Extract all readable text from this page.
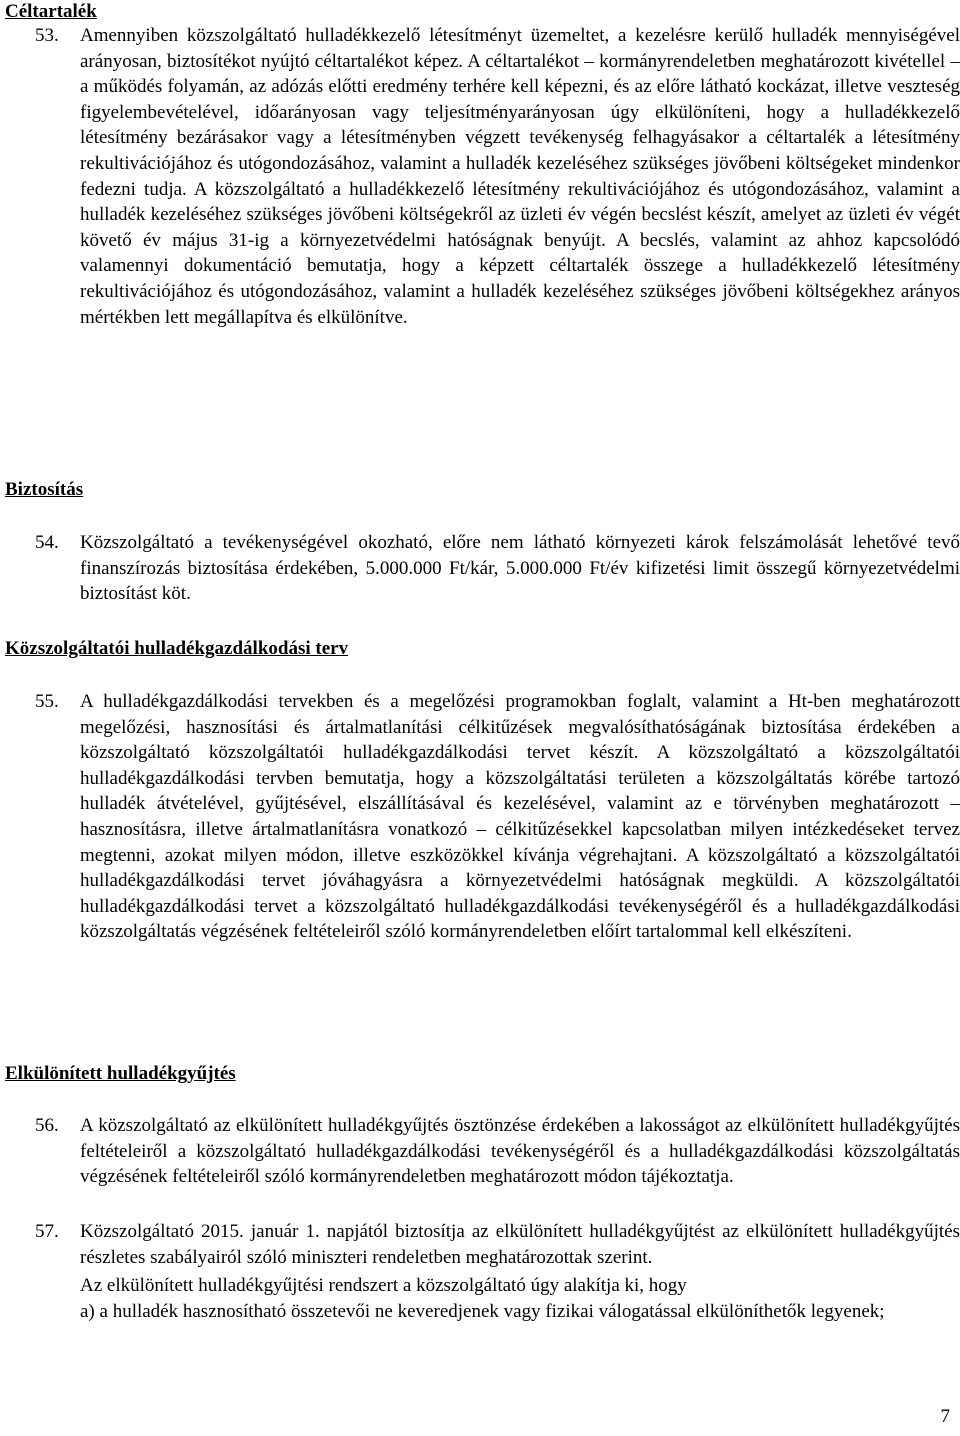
Céltartalék
53. Amennyiben közszolgáltató hulladékkezelő létesítményt üzemeltet, a kezelésre kerülő hulladék mennyiségével arányosan, biztosítékot nyújtó céltartalékot képez. A céltartalékot – kormányrendeletben meghatározott kivétellel – a működés folyamán, az adózás előtti eredmény terhére kell képezni, és az előre látható kockázat, illetve veszteség figyelembevételével, időarányosan vagy teljesítményarányosan úgy elkülöníteni, hogy a hulladékkezelő létesítmény bezárásakor vagy a létesítményben végzett tevékenység felhagyásakor a céltartalék a létesítmény rekultivációjához és utógondozásához, valamint a hulladék kezeléséhez szükséges jövőbeni költségeket mindenkor fedezni tudja. A közszolgáltató a hulladékkezelő létesítmény rekultivációjához és utógondozásához, valamint a hulladék kezeléséhez szükséges jövőbeni költségekről az üzleti év végén becslést készít, amelyet az üzleti év végét követő év május 31-ig a környezetvédelmi hatóságnak benyújt. A becslés, valamint az ahhoz kapcsolódó valamennyi dokumentáció bemutatja, hogy a képzett céltartalék összege a hulladékkezelő létesítmény rekultivációjához és utógondozásához, valamint a hulladék kezeléséhez szükséges jövőbeni költségekhez arányos mértékben lett megállapítva és elkülönítve.

Biztosítás
54. Közszolgáltató a tevékenységével okozható, előre nem látható környezeti károk felszámolását lehetővé tevő finanszírozás biztosítása érdekében, 5.000.000 Ft/kár, 5.000.000 Ft/év kifizetési limit összegű környezetvédelmi biztosítást köt.

Közszolgáltatói hulladékgazdálkodási terv
55. A hulladékgazdálkodási tervekben és a megelőzési programokban foglalt, valamint a Ht-ben meghatározott megelőzési, hasznosítási és ártalmatlanítási célkitűzések megvalósíthatóságának biztosítása érdekében a közszolgáltató közszolgáltatói hulladékgazdálkodási tervet készít. A közszolgáltató a közszolgáltatói hulladékgazdálkodási tervben bemutatja, hogy a közszolgáltatási területen a közszolgáltatás körébe tartozó hulladék átvételével, gyűjtésével, elszállításával és kezelésével, valamint az e törvényben meghatározott – hasznosításra, illetve ártalmatlanításra vonatkozó – célkitűzésekkel kapcsolatban milyen intézkedéseket tervez megtenni, azokat milyen módon, illetve eszközökkel kívánja végrehajtani. A közszolgáltató a közszolgáltatói hulladékgazdálkodási tervet jóváhagyásra a környezetvédelmi hatóságnak megküldi. A közszolgáltatói hulladékgazdálkodási tervet a közszolgáltató hulladékgazdálkodási tevékenységéről és a hulladékgazdálkodási közszolgáltatás végzésének feltételeiről szóló kormányrendeletben előírt tartalommal kell elkészíteni.

Elkülönített hulladékgyűjtés
56. A közszolgáltató az elkülönített hulladékgyűjtés ösztönzése érdekében a lakosságot az elkülönített hulladékgyűjtés feltételeiről a közszolgáltató hulladékgazdálkodási tevékenységéről és a hulladékgazdálkodási közszolgáltatás végzésének feltételeiről szóló kormányrendeletben meghatározott módon tájékoztatja.

57. Közszolgáltató 2015. január 1. napjától biztosítja az elkülönített hulladékgyűjtést az elkülönített hulladékgyűjtés részletes szabályairól szóló miniszteri rendeletben meghatározottak szerint.

Az elkülönített hulladékgyűjtési rendszert a közszolgáltató úgy alakítja ki, hogy

a) a hulladék hasznosítható összetevői ne keveredjenek vagy fizikai válogatással elkülöníthetők legyenek;

7
